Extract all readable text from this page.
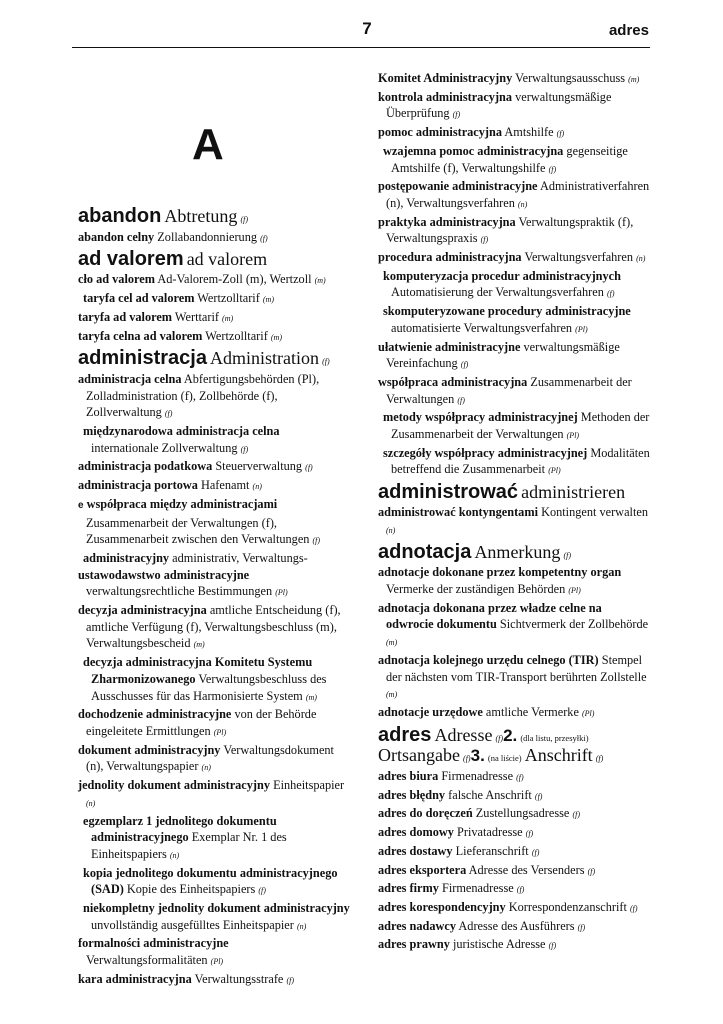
7	adres
A

abandon Abtretung (f)

abandon celny Zollabandonnierung (f)

ad valorem ad valorem

cło ad valorem Ad-Valorem-Zoll (m), Wertzoll (m)

taryfa cel ad valorem Wertzolltarif (m)

taryfa ad valorem Werttarif (m)

taryfa celna ad valorem Wertzolltarif (m)

administracja Administration (f)

administracja celna Abfertigungsbehörden (Pl), Zolladministration (f), Zollbehörde (f), Zollverwaltung (f)

międzynarodowa administracja celna internationale Zollverwaltung (f)

administracja podatkowa Steuerverwaltung (f)

administracja portowa Hafenamt (n)

e współpraca między administracjami Zusammenarbeit der Verwaltungen (f), Zusammenarbeit zwischen den Verwaltungen (f)

administracyjny administrativ, Verwaltungs-

ustawodawstwo administracyjne verwaltungsrechtliche Bestimmungen (Pl)

decyzja administracyjna amtliche Entscheidung (f), amtliche Verfügung (f), Verwaltungsbeschluss (m), Verwaltungsbescheid (m)

decyzja administracyjna Komitetu Systemu Zharmonizowanego Verwaltungsbeschluss des Ausschusses für das Harmonisierte System (m)

dochodzenie administracyjne von der Behörde eingeleitete Ermittlungen (Pl)

dokument administracyjny Verwaltungsdokument (n), Verwaltungspapier (n)

jednolity dokument administracyjny Einheitspapier (n)

egzemplarz 1 jednolitego dokumentu administracyjnego Exemplar Nr. 1 des Einheitspapiers (n)

kopia jednolitego dokumentu administracyjnego (SAD) Kopie des Einheitspapiers (f)

niekompletny jednolity dokument administracyjny unvollständig ausgefülltes Einheitspapier (n)

formalności administracyjne Verwaltungsformalitäten (Pl)

kara administracyjna Verwaltungsstrafe (f)

Komitet Administracyjny Verwaltungsausschuss (m)

kontrola administracyjna verwaltungsmäßige Überprüfung (f)

pomoc administracyjna Amtshilfe (f)

wzajemna pomoc administracyjna gegenseitige Amtshilfe (f), Verwaltungshilfe (f)

postępowanie administracyjne Administrativerfahren (n), Verwaltungsverfahren (n)

praktyka administracyjna Verwaltungspraktik (f), Verwaltungspraxis (f)

procedura administracyjna Verwaltungsverfahren (n)

komputeryzacja procedur administracyjnych Automatisierung der Verwaltungsverfahren (f)

skomputeryzowane procedury administracyjne automatisierte Verwaltungsverfahren (Pl)

ułatwienie administracyjne verwaltungsmäßige Vereinfachung (f)

współpraca administracyjna Zusammenarbeit der Verwaltungen (f)

metody współpracy administracyjnej Methoden der Zusammenarbeit der Verwaltungen (Pl)

szczegóły współpracy administracyjnej Modalitäten betreffend die Zusammenarbeit (Pl)

administrować administrieren

administrować kontyngentami Kontingent verwalten (n)

adnotacja Anmerkung (f)

adnotacje dokonane przez kompetentny organ Vermerke der zuständigen Behörden (Pl)

adnotacja dokonana przez władze celne na odwrocie dokumentu Sichtvermerk der Zollbehörde (m)

adnotacja kolejnego urzędu celnego (TIR) Stempel der nächsten vom TIR-Transport berührten Zollstelle (m)

adnotacje urzędowe amtliche Vermerke (Pl)

adres Adresse (f)2. (dla listu, przesyłki) Ortsangabe (f)3. (na liście) Anschrift (f)

adres biura Firmenadresse (f)

adres błędny falsche Anschrift (f)

adres do doręczeń Zustellungsadresse (f)

adres domowy Privatadresse (f)

adres dostawy Lieferanschrift (f)

adres eksportera Adresse des Versenders (f)

adres firmy Firmenadresse (f)

adres korespondencyjny Korrespondenzanschrift (f)

adres nadawcy Adresse des Ausführers (f)

adres prawny juristische Adresse (f)
